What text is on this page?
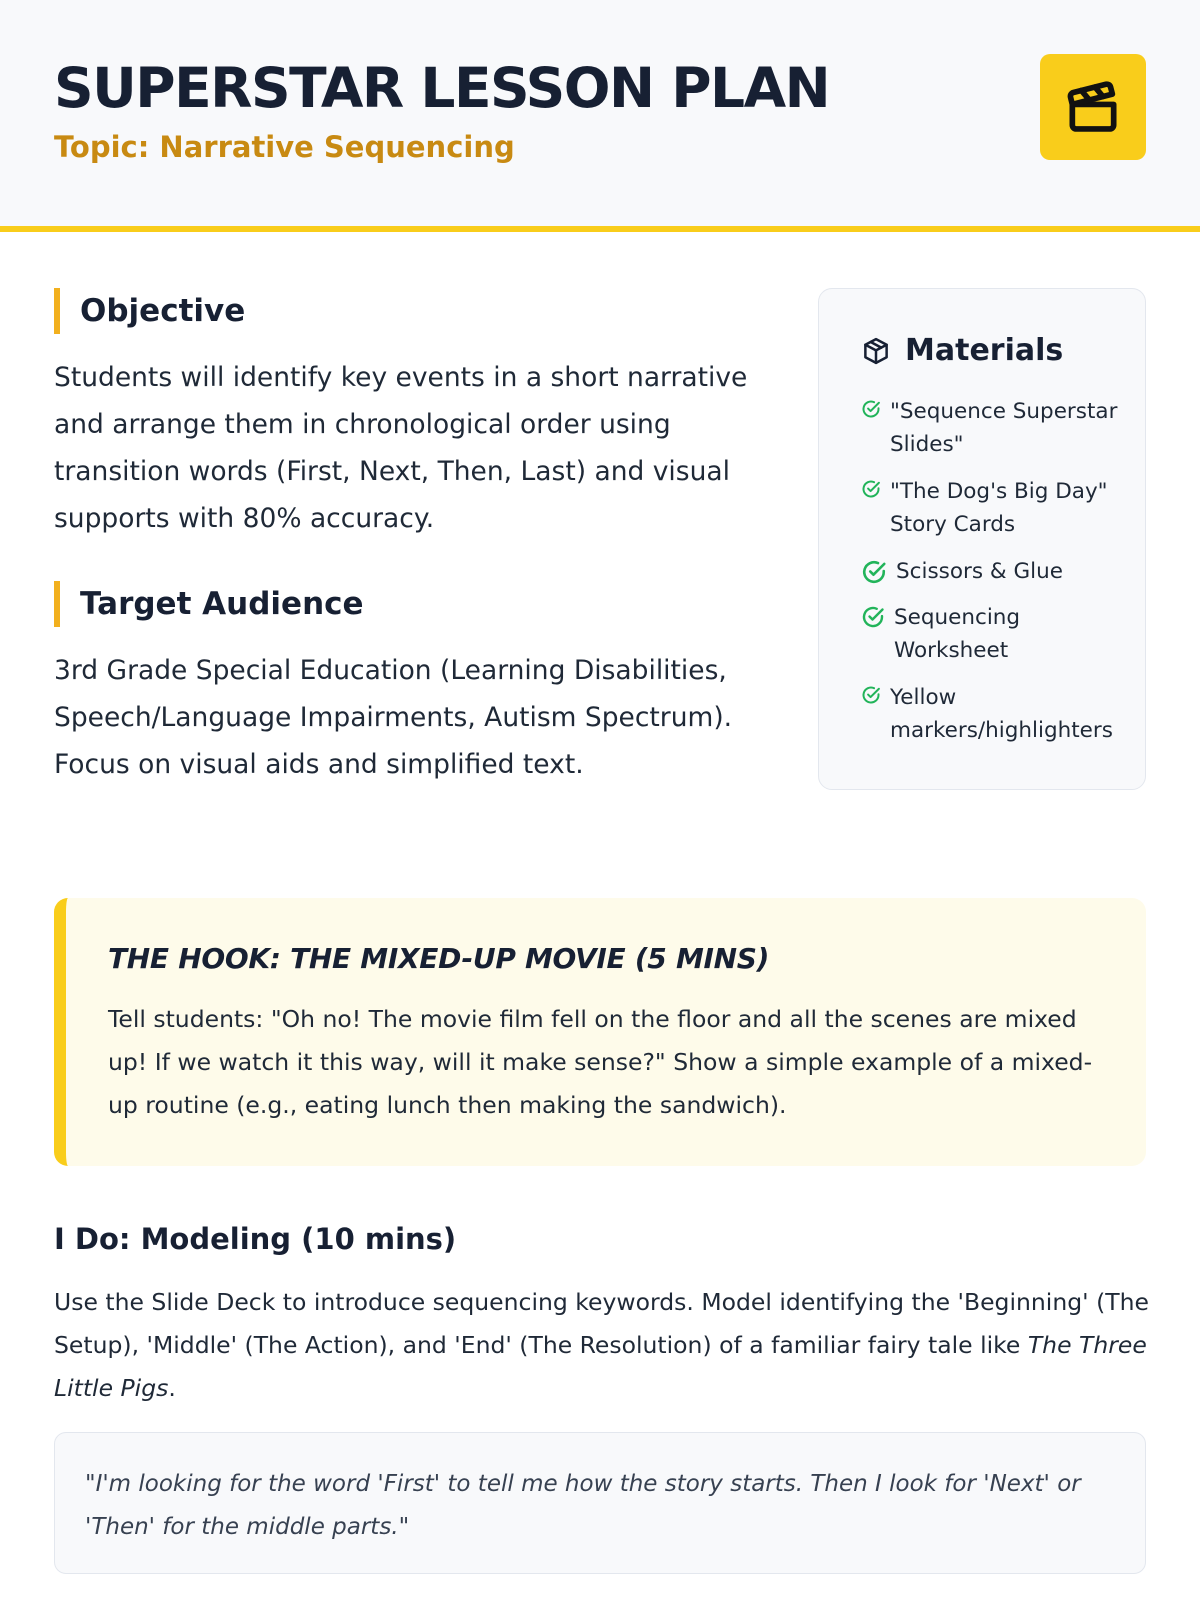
SUPERSTAR LESSON PLAN
Topic: Narrative Sequencing
Objective
Students will identify key events in a short narrative and arrange them in chronological order using transition words (First, Next, Then, Last) and visual supports with 80% accuracy.
Target Audience
3rd Grade Special Education (Learning Disabilities, Speech/Language Impairments, Autism Spectrum). Focus on visual aids and simplified text.
Materials
"Sequence Superstar Slides"
"The Dog's Big Day" Story Cards
Scissors & Glue
Sequencing Worksheet
Yellow markers/highlighters
THE HOOK: THE MIXED-UP MOVIE (5 MINS)
Tell students: "Oh no! The movie film fell on the floor and all the scenes are mixed up! If we watch it this way, will it make sense?" Show a simple example of a mixed-up routine (e.g., eating lunch then making the sandwich).
I Do: Modeling (10 mins)
Use the Slide Deck to introduce sequencing keywords. Model identifying the 'Beginning' (The Setup), 'Middle' (The Action), and 'End' (The Resolution) of a familiar fairy tale like The Three Little Pigs.
"I'm looking for the word 'First' to tell me how the story starts. Then I look for 'Next' or 'Then' for the middle parts."
